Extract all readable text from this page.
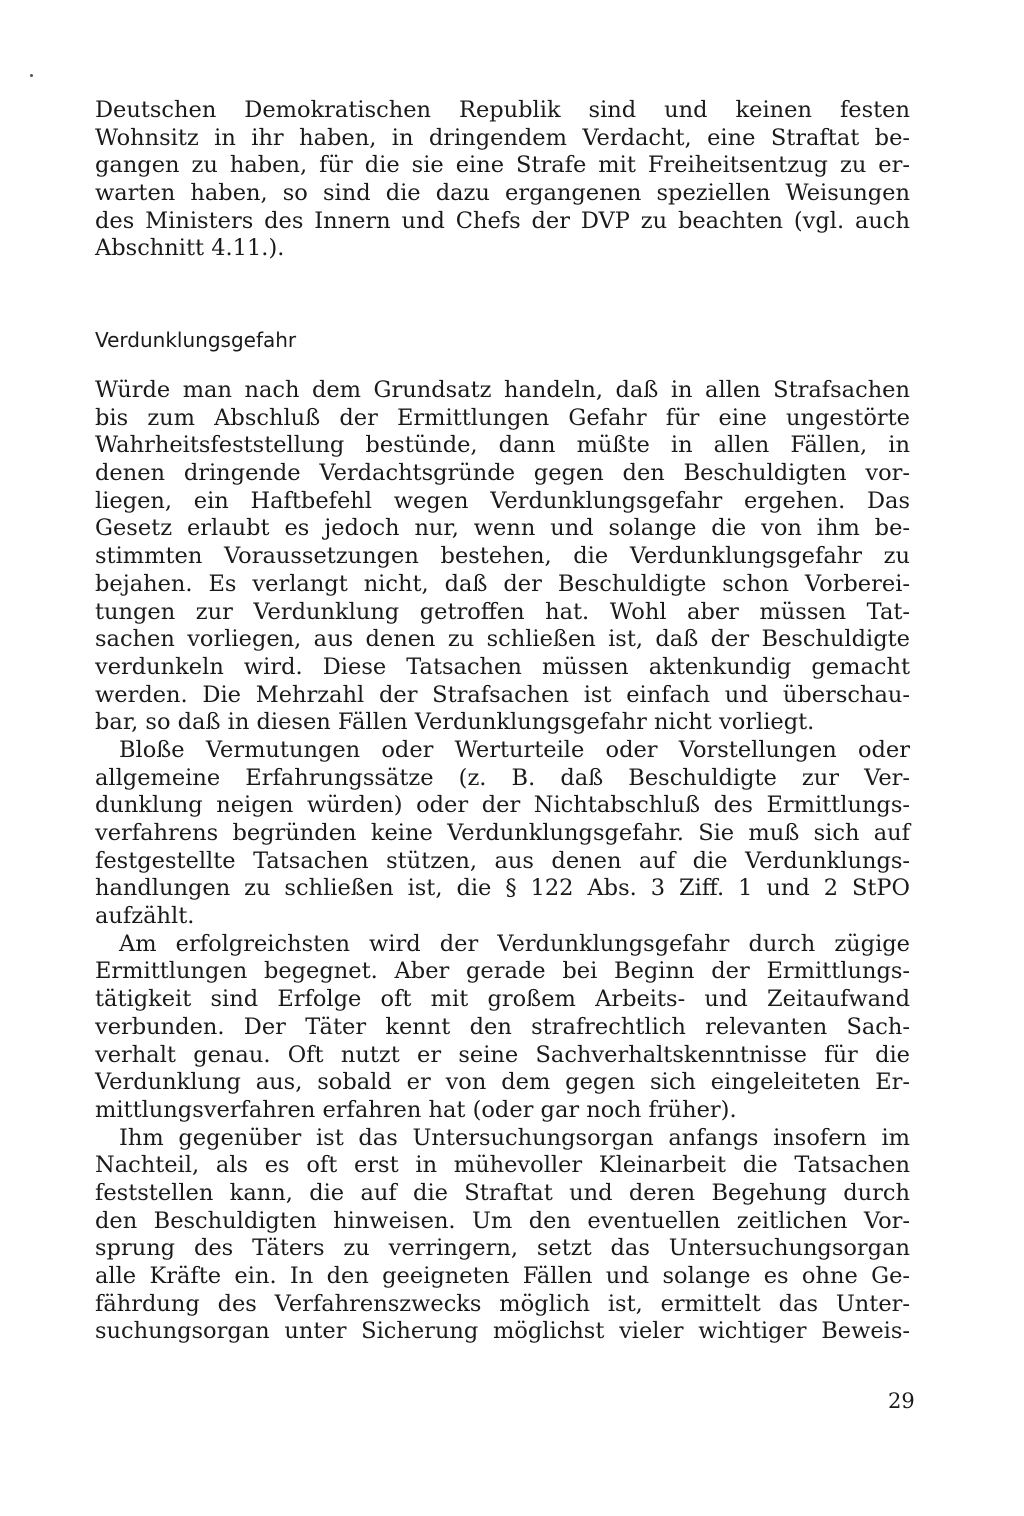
Deutschen Demokratischen Republik sind und keinen festen
Wohnsitz in ihr haben, in dringendem Verdacht, eine Straftat be-
gangen zu haben, für die sie eine Strafe mit Freiheitsentzug zu er-
warten haben, so sind die dazu ergangenen speziellen Weisungen
des Ministers des Innern und Chefs der DVP zu beachten (vgl. auch
Abschnitt 4.11.).
Verdunklungsgefahr
Würde man nach dem Grundsatz handeln, daß in allen Strafsachen
bis zum Abschluß der Ermittlungen Gefahr für eine ungestörte
Wahrheitsfeststellung bestünde, dann müßte in allen Fällen, in
denen dringende Verdachtsgründe gegen den Beschuldigten vor-
liegen, ein Haftbefehl wegen Verdunklungsgefahr ergehen. Das
Gesetz erlaubt es jedoch nur, wenn und solange die von ihm be-
stimmten Voraussetzungen bestehen, die Verdunklungsgefahr zu
bejahen. Es verlangt nicht, daß der Beschuldigte schon Vorberei-
tungen zur Verdunklung getroffen hat. Wohl aber müssen Tat-
sachen vorliegen, aus denen zu schließen ist, daß der Beschuldigte
verdunkeln wird. Diese Tatsachen müssen aktenkundig gemacht
werden. Die Mehrzahl der Strafsachen ist einfach und überschau-
bar, so daß in diesen Fällen Verdunklungsgefahr nicht vorliegt.
Bloße Vermutungen oder Werturteile oder Vorstellungen oder
allgemeine Erfahrungssätze (z. B. daß Beschuldigte zur Ver-
dunklung neigen würden) oder der Nichtabschluß des Ermittlungs-
verfahrens begründen keine Verdunklungsgefahr. Sie muß sich auf
festgestellte Tatsachen stützen, aus denen auf die Verdunklungs-
handlungen zu schließen ist, die § 122 Abs. 3 Ziff. 1 und 2 StPO
aufzählt.
Am erfolgreichsten wird der Verdunklungsgefahr durch zügige
Ermittlungen begegnet. Aber gerade bei Beginn der Ermittlungs-
tätigkeit sind Erfolge oft mit großem Arbeits- und Zeitaufwand
verbunden. Der Täter kennt den strafrechtlich relevanten Sach-
verhalt genau. Oft nutzt er seine Sachverhaltskenntnisse für die
Verdunklung aus, sobald er von dem gegen sich eingeleiteten Er-
mittlungsverfahren erfahren hat (oder gar noch früher).
Ihm gegenüber ist das Untersuchungsorgan anfangs insofern im
Nachteil, als es oft erst in mühevoller Kleinarbeit die Tatsachen
feststellen kann, die auf die Straftat und deren Begehung durch
den Beschuldigten hinweisen. Um den eventuellen zeitlichen Vor-
sprung des Täters zu verringern, setzt das Untersuchungsorgan
alle Kräfte ein. In den geeigneten Fällen und solange es ohne Ge-
fährdung des Verfahrenszwecks möglich ist, ermittelt das Unter-
suchungsorgan unter Sicherung möglichst vieler wichtiger Beweis-
29
